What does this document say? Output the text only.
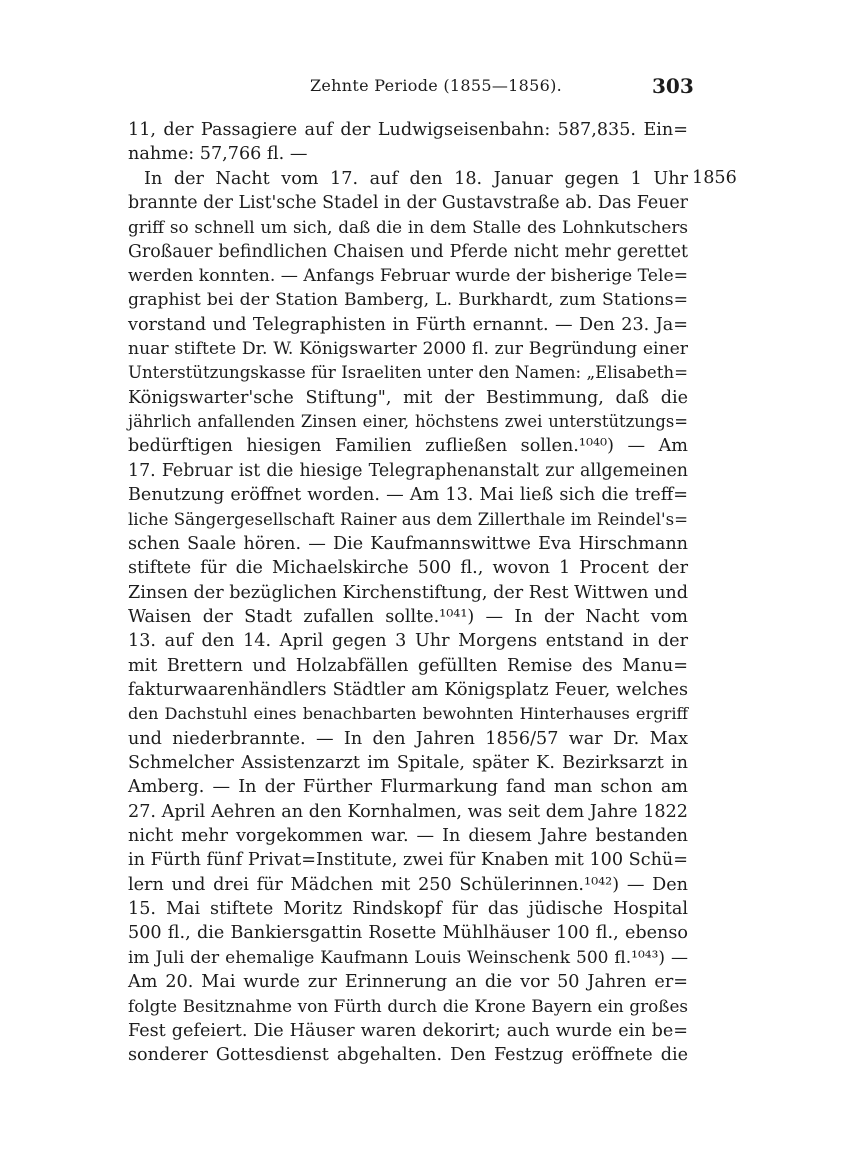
Zehnte Periode (1855—1856).	303
1856
11, der Passagiere auf der Ludwigseisenbahn: 587,835. Ein=
nahme: 57,766 fl. —
In der Nacht vom 17. auf den 18. Januar gegen 1 Uhr
brannte der List'sche Stadel in der Gustavstraße ab. Das Feuer
griff so schnell um sich, daß die in dem Stalle des Lohnkutschers
Großauer befindlichen Chaisen und Pferde nicht mehr gerettet
werden konnten. — Anfangs Februar wurde der bisherige Tele=
graphist bei der Station Bamberg, L. Burkhardt, zum Stations=
vorstand und Telegraphisten in Fürth ernannt. — Den 23. Ja=
nuar stiftete Dr. W. Königswarter 2000 fl. zur Begründung einer
Unterstützungskasse für Israeliten unter den Namen: „Elisabeth=
Königswarter'sche Stiftung", mit der Bestimmung, daß die
jährlich anfallenden Zinsen einer, höchstens zwei unterstützungs=
bedürftigen hiesigen Familien zufließen sollen.¹⁰⁴⁰) — Am
17. Februar ist die hiesige Telegraphenanstalt zur allgemeinen
Benutzung eröffnet worden. — Am 13. Mai ließ sich die treff=
liche Sängergesellschaft Rainer aus dem Zillerthale im Reindel's=
schen Saale hören. — Die Kaufmannswittwe Eva Hirschmann
stiftete für die Michaelskirche 500 fl., wovon 1 Procent der
Zinsen der bezüglichen Kirchenstiftung, der Rest Wittwen und
Waisen der Stadt zufallen sollte.¹⁰⁴¹) — In der Nacht vom
13. auf den 14. April gegen 3 Uhr Morgens entstand in der
mit Brettern und Holzabfällen gefüllten Remise des Manu=
fakturwaarenhändlers Städtler am Königsplatz Feuer, welches
den Dachstuhl eines benachbarten bewohnten Hinterhauses ergriff
und niederbrannte. — In den Jahren 1856/57 war Dr. Max
Schmelcher Assistenzarzt im Spitale, später K. Bezirksarzt in
Amberg. — In der Fürther Flurmarkung fand man schon am
27. April Aehren an den Kornhalmen, was seit dem Jahre 1822
nicht mehr vorgekommen war. — In diesem Jahre bestanden
in Fürth fünf Privat=Institute, zwei für Knaben mit 100 Schü=
lern und drei für Mädchen mit 250 Schülerinnen.¹⁰⁴²) — Den
15. Mai stiftete Moritz Rindskopf für das jüdische Hospital
500 fl., die Bankiersgattin Rosette Mühlhäuser 100 fl., ebenso
im Juli der ehemalige Kaufmann Louis Weinschenk 500 fl.¹⁰⁴³) —
Am 20. Mai wurde zur Erinnerung an die vor 50 Jahren er=
folgte Besitznahme von Fürth durch die Krone Bayern ein großes
Fest gefeiert. Die Häuser waren dekorirt; auch wurde ein be=
sonderer Gottesdienst abgehalten. Den Festzug eröffnete die
